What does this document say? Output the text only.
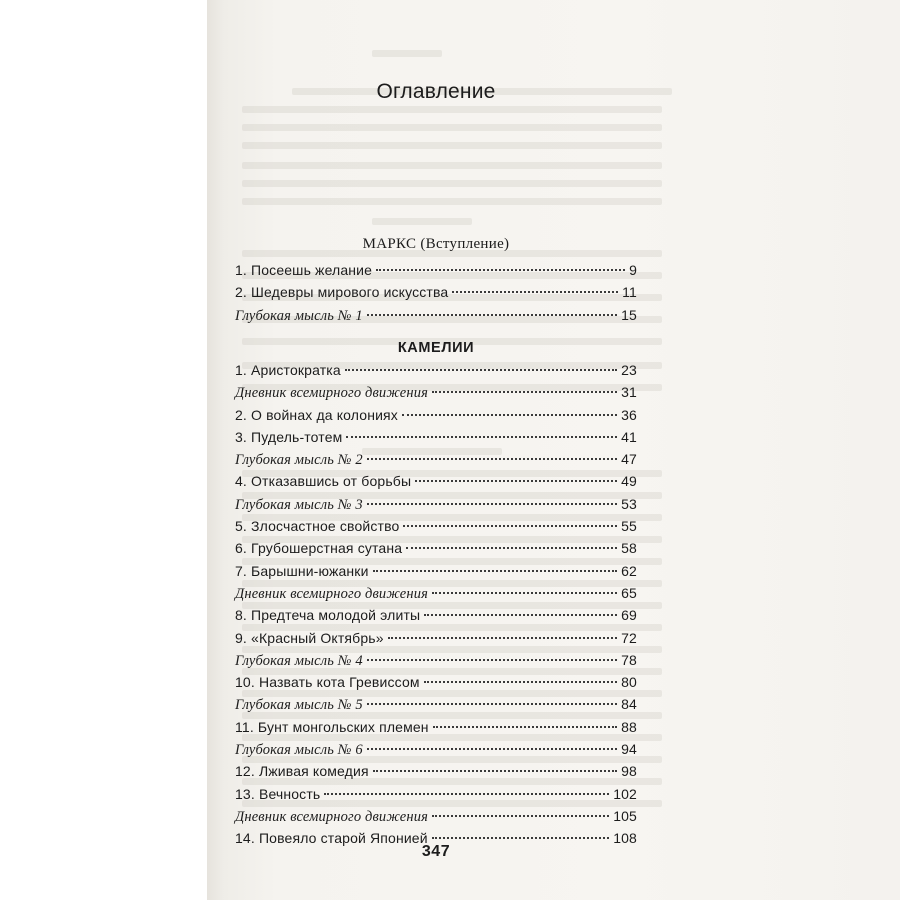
Оглавление
МАРКС (Вступление)
1. Посеешь желание	9
2. Шедевры мирового искусства	11
Глубокая мысль № 1	15
КАМЕЛИИ
1. Аристократка	23
Дневник всемирного движения	31
2. О войнах да колониях	36
3. Пудель-тотем	41
Глубокая мысль № 2	47
4. Отказавшись от борьбы	49
Глубокая мысль № 3	53
5. Злосчастное свойство	55
6. Грубошерстная сутана	58
7. Барышни-южанки	62
Дневник всемирного движения	65
8. Предтеча молодой элиты	69
9. «Красный Октябрь»	72
Глубокая мысль № 4	78
10. Назвать кота Гревиссом	80
Глубокая мысль № 5	84
11. Бунт монгольских племен	88
Глубокая мысль № 6	94
12. Лживая комедия	98
13. Вечность	102
Дневник всемирного движения	105
14. Повеяло старой Японией	108
347
